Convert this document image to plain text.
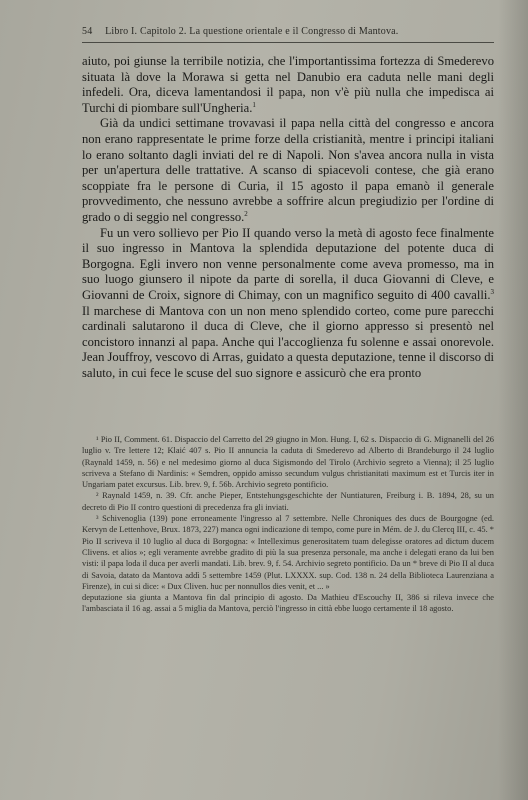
54 Libro I. Capitolo 2. La questione orientale e il Congresso di Mantova.

aiuto, poi giunse la terribile notizia, che l'importantissima fortezza di Smederevo situata là dove la Morawa si getta nel Danubio era caduta nelle mani degli infedeli. Ora, diceva lamentandosi il papa, non v'è più nulla che impedisca ai Turchi di piombare sull'Ungheria.$^1$

Già da undici settimane trovavasi il papa nella città del congresso e ancora non erano rappresentate le prime forze della cristianità, mentre i principi italiani lo erano soltanto dagli inviati del re di Napoli. Non s'avea ancora nulla in vista per un'apertura delle trattative. A scanso di spiacevoli contese, che già erano scoppiate fra le persone di Curia, il 15 agosto il papa emanò il generale provvedimento, che nessuno avrebbe a soffrire alcun pregiudizio per l'ordine di grado o di seggio nel congresso.$^2$

Fu un vero sollievo per Pio II quando verso la metà di agosto fece finalmente il suo ingresso in Mantova la splendida deputazione del potente duca di Borgogna. Egli invero non venne personalmente come aveva promesso, ma in suo luogo giunsero il nipote da parte di sorella, il duca Giovanni di Cleve, e Giovanni de Croix, signore di Chimay, con un magnifico seguito di 400 cavalli.$^3$ Il marchese di Mantova con un non meno splendido corteo, come pure parecchi cardinali salutarono il duca di Cleve, che il giorno appresso si presentò nel concistoro innanzi al papa. Anche qui l'accoglienza fu solenne e assai onorevole. Jean Jouffroy, vescovo di Arras, guidato a questa deputazione, tenne il discorso di saluto, in cui fece le scuse del suo signore e assicurò che era pronto

¹ Pio II, Comment. 61. Dispaccio del Carretto del 29 giugno in Mon. Hung. I, 62 s. Dispaccio di G. Mignanelli del 26 luglio v. Tre lettere 12; Klaić 407 s. Pio II annuncia la caduta di Smederevo ad Alberto di Brandeburgo il 24 luglio (Raynald 1459, n. 56) e nel medesimo giorno al duca Sigismondo del Tirolo (Archivio segreto a Vienna); il 25 luglio scriveva a Stefano di Nardinis: « Semdren, oppido amisso secundum vulgus christianitati maximum est et Turcis iter in Ungariam patet excursus. Lib. brev. 9, f. 56b. Archivio segreto pontificio.

² Raynald 1459, n. 39. Cfr. anche Pieper, Entstehungsgeschichte der Nuntiaturen, Freiburg i. B. 1894, 28, su un decreto di Pio II contro questioni di precedenza fra gli inviati.

³ Schivenoglia (139) pone erroneamente l'ingresso al 7 settembre. Nelle Chroniques des ducs de Bourgogne (ed. Kervyn de Lettenhove, Brux. 1873, 227) manca ogni indicazione di tempo, come pure in Mém. de J. du Clercq III, c. 45. * Pio II scriveva il 10 luglio al duca di Borgogna: « Intelleximus generositatem tuam delegisse oratores ad dictum ducem Clivens. et alios »; egli veramente avrebbe gradito di più la sua presenza personale, ma anche i delegati erano da lui ben visti: il papa loda il duca per averli mandati. Lib. brev. 9, f. 54. Archivio segreto pontificio. Da un * breve di Pio II al duca di Savoia, datato da Mantova addì 5 settembre 1459 (Plut. LXXXX. sup. Cod. 138 n. 24 della Biblioteca Laurenziana a Firenze), in cui si dice: « Dux Cliven. huc per nonnullos dies venit, et ... »

deputazione sia giunta a Mantova fin dal principio di agosto. Da Mathieu d'Escouchy II, 386 si rileva invece che l'ambasciata il 16 ag. assai a 5 miglia da Mantova, perciò l'ingresso in città ebbe luogo certamente il 18 agosto.
